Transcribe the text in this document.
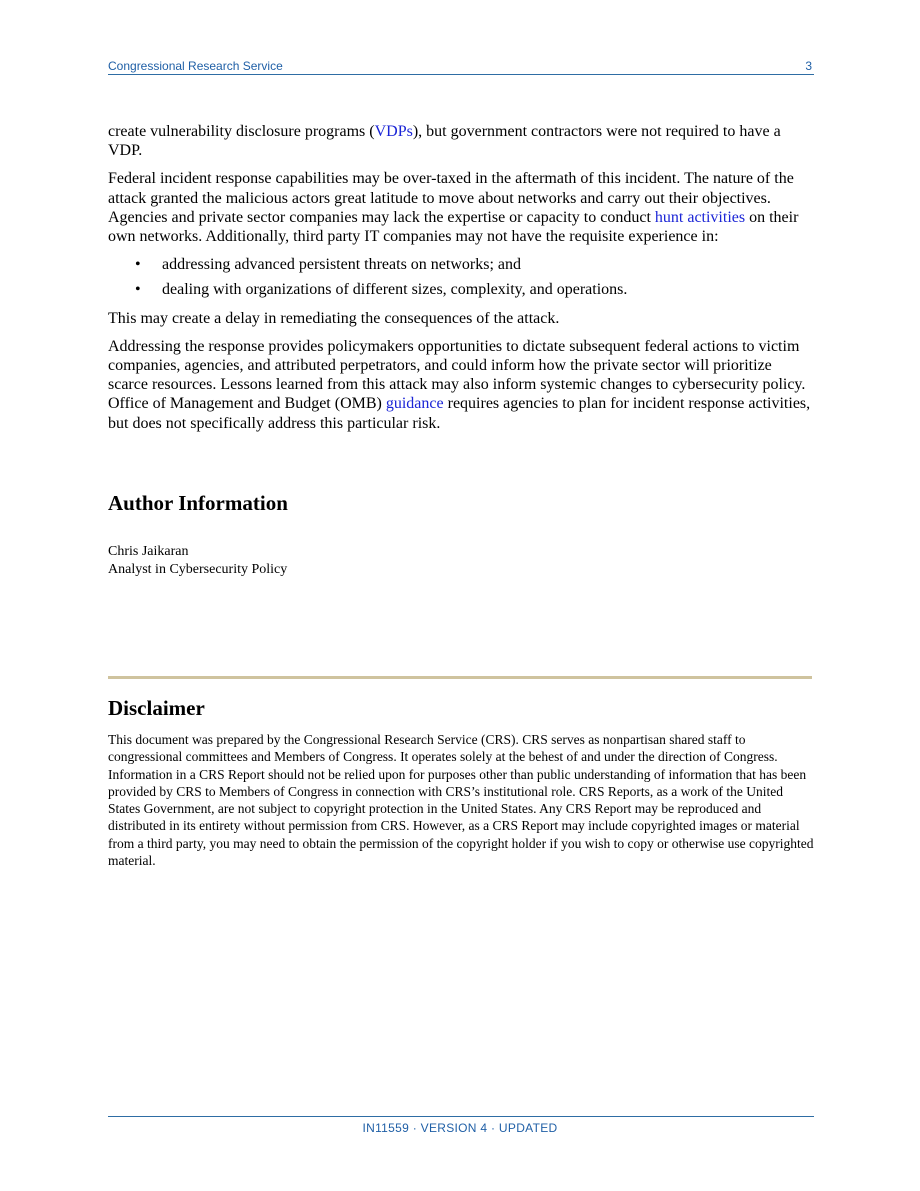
Congressional Research Service	3

create vulnerability disclosure programs (VDPs), but government contractors were not required to have a VDP.

Federal incident response capabilities may be over-taxed in the aftermath of this incident. The nature of the attack granted the malicious actors great latitude to move about networks and carry out their objectives. Agencies and private sector companies may lack the expertise or capacity to conduct hunt activities on their own networks. Additionally, third party IT companies may not have the requisite experience in:

• addressing advanced persistent threats on networks; and
• dealing with organizations of different sizes, complexity, and operations.

This may create a delay in remediating the consequences of the attack.

Addressing the response provides policymakers opportunities to dictate subsequent federal actions to victim companies, agencies, and attributed perpetrators, and could inform how the private sector will prioritize scarce resources. Lessons learned from this attack may also inform systemic changes to cybersecurity policy. Office of Management and Budget (OMB) guidance requires agencies to plan for incident response activities, but does not specifically address this particular risk.

Author Information
Chris Jaikaran
Analyst in Cybersecurity Policy
Disclaimer

This document was prepared by the Congressional Research Service (CRS). CRS serves as nonpartisan shared staff to congressional committees and Members of Congress. It operates solely at the behest of and under the direction of Congress. Information in a CRS Report should not be relied upon for purposes other than public understanding of information that has been provided by CRS to Members of Congress in connection with CRS’s institutional role. CRS Reports, as a work of the United States Government, are not subject to copyright protection in the United States. Any CRS Report may be reproduced and distributed in its entirety without permission from CRS. However, as a CRS Report may include copyrighted images or material from a third party, you may need to obtain the permission of the copyright holder if you wish to copy or otherwise use copyrighted material.

IN11559 · VERSION 4 · UPDATED
